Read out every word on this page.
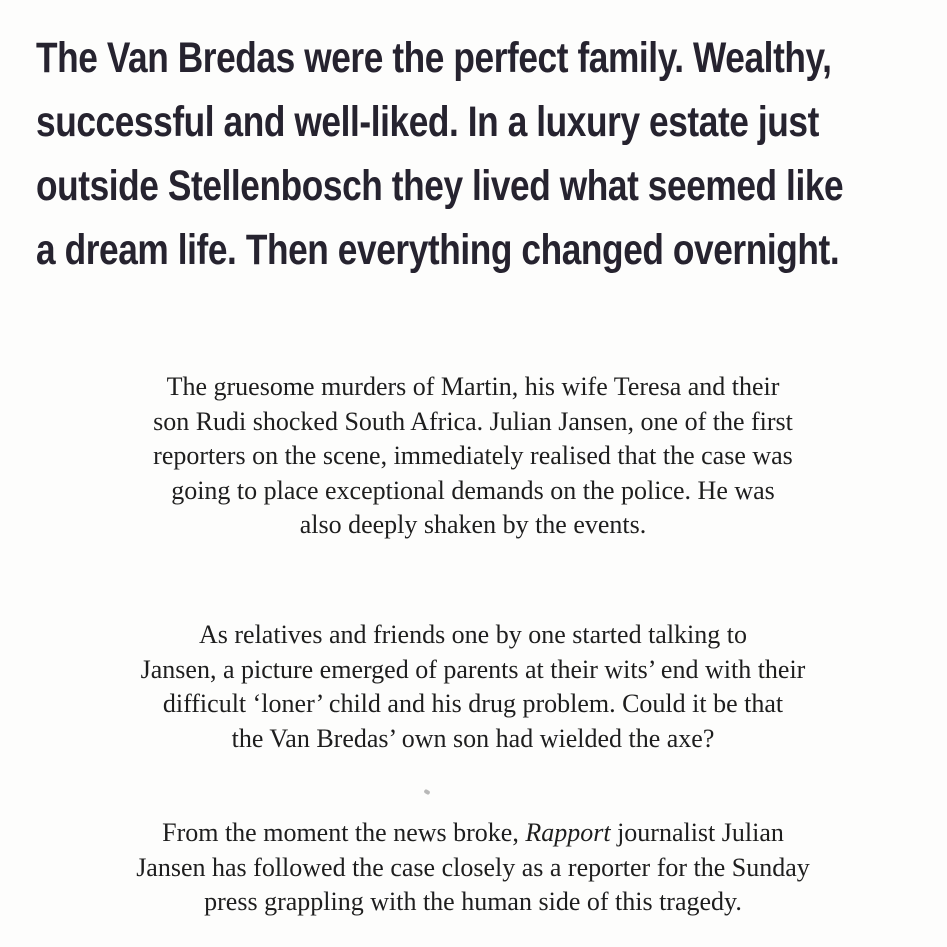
The Van Bredas were the perfect family. Wealthy,
successful and well-liked. In a luxury estate just
outside Stellenbosch they lived what seemed like
a dream life. Then everything changed overnight.

The gruesome murders of Martin, his wife Teresa and their
son Rudi shocked South Africa. Julian Jansen, one of the first
reporters on the scene, immediately realised that the case was
going to place exceptional demands on the police. He was
also deeply shaken by the events.

As relatives and friends one by one started talking to
Jansen, a picture emerged of parents at their wits’ end with their
difficult ‘loner’ child and his drug problem. Could it be that
the Van Bredas’ own son had wielded the axe?

From the moment the news broke, Rapport journalist Julian
Jansen has followed the case closely as a reporter for the Sunday
press grappling with the human side of this tragedy.
